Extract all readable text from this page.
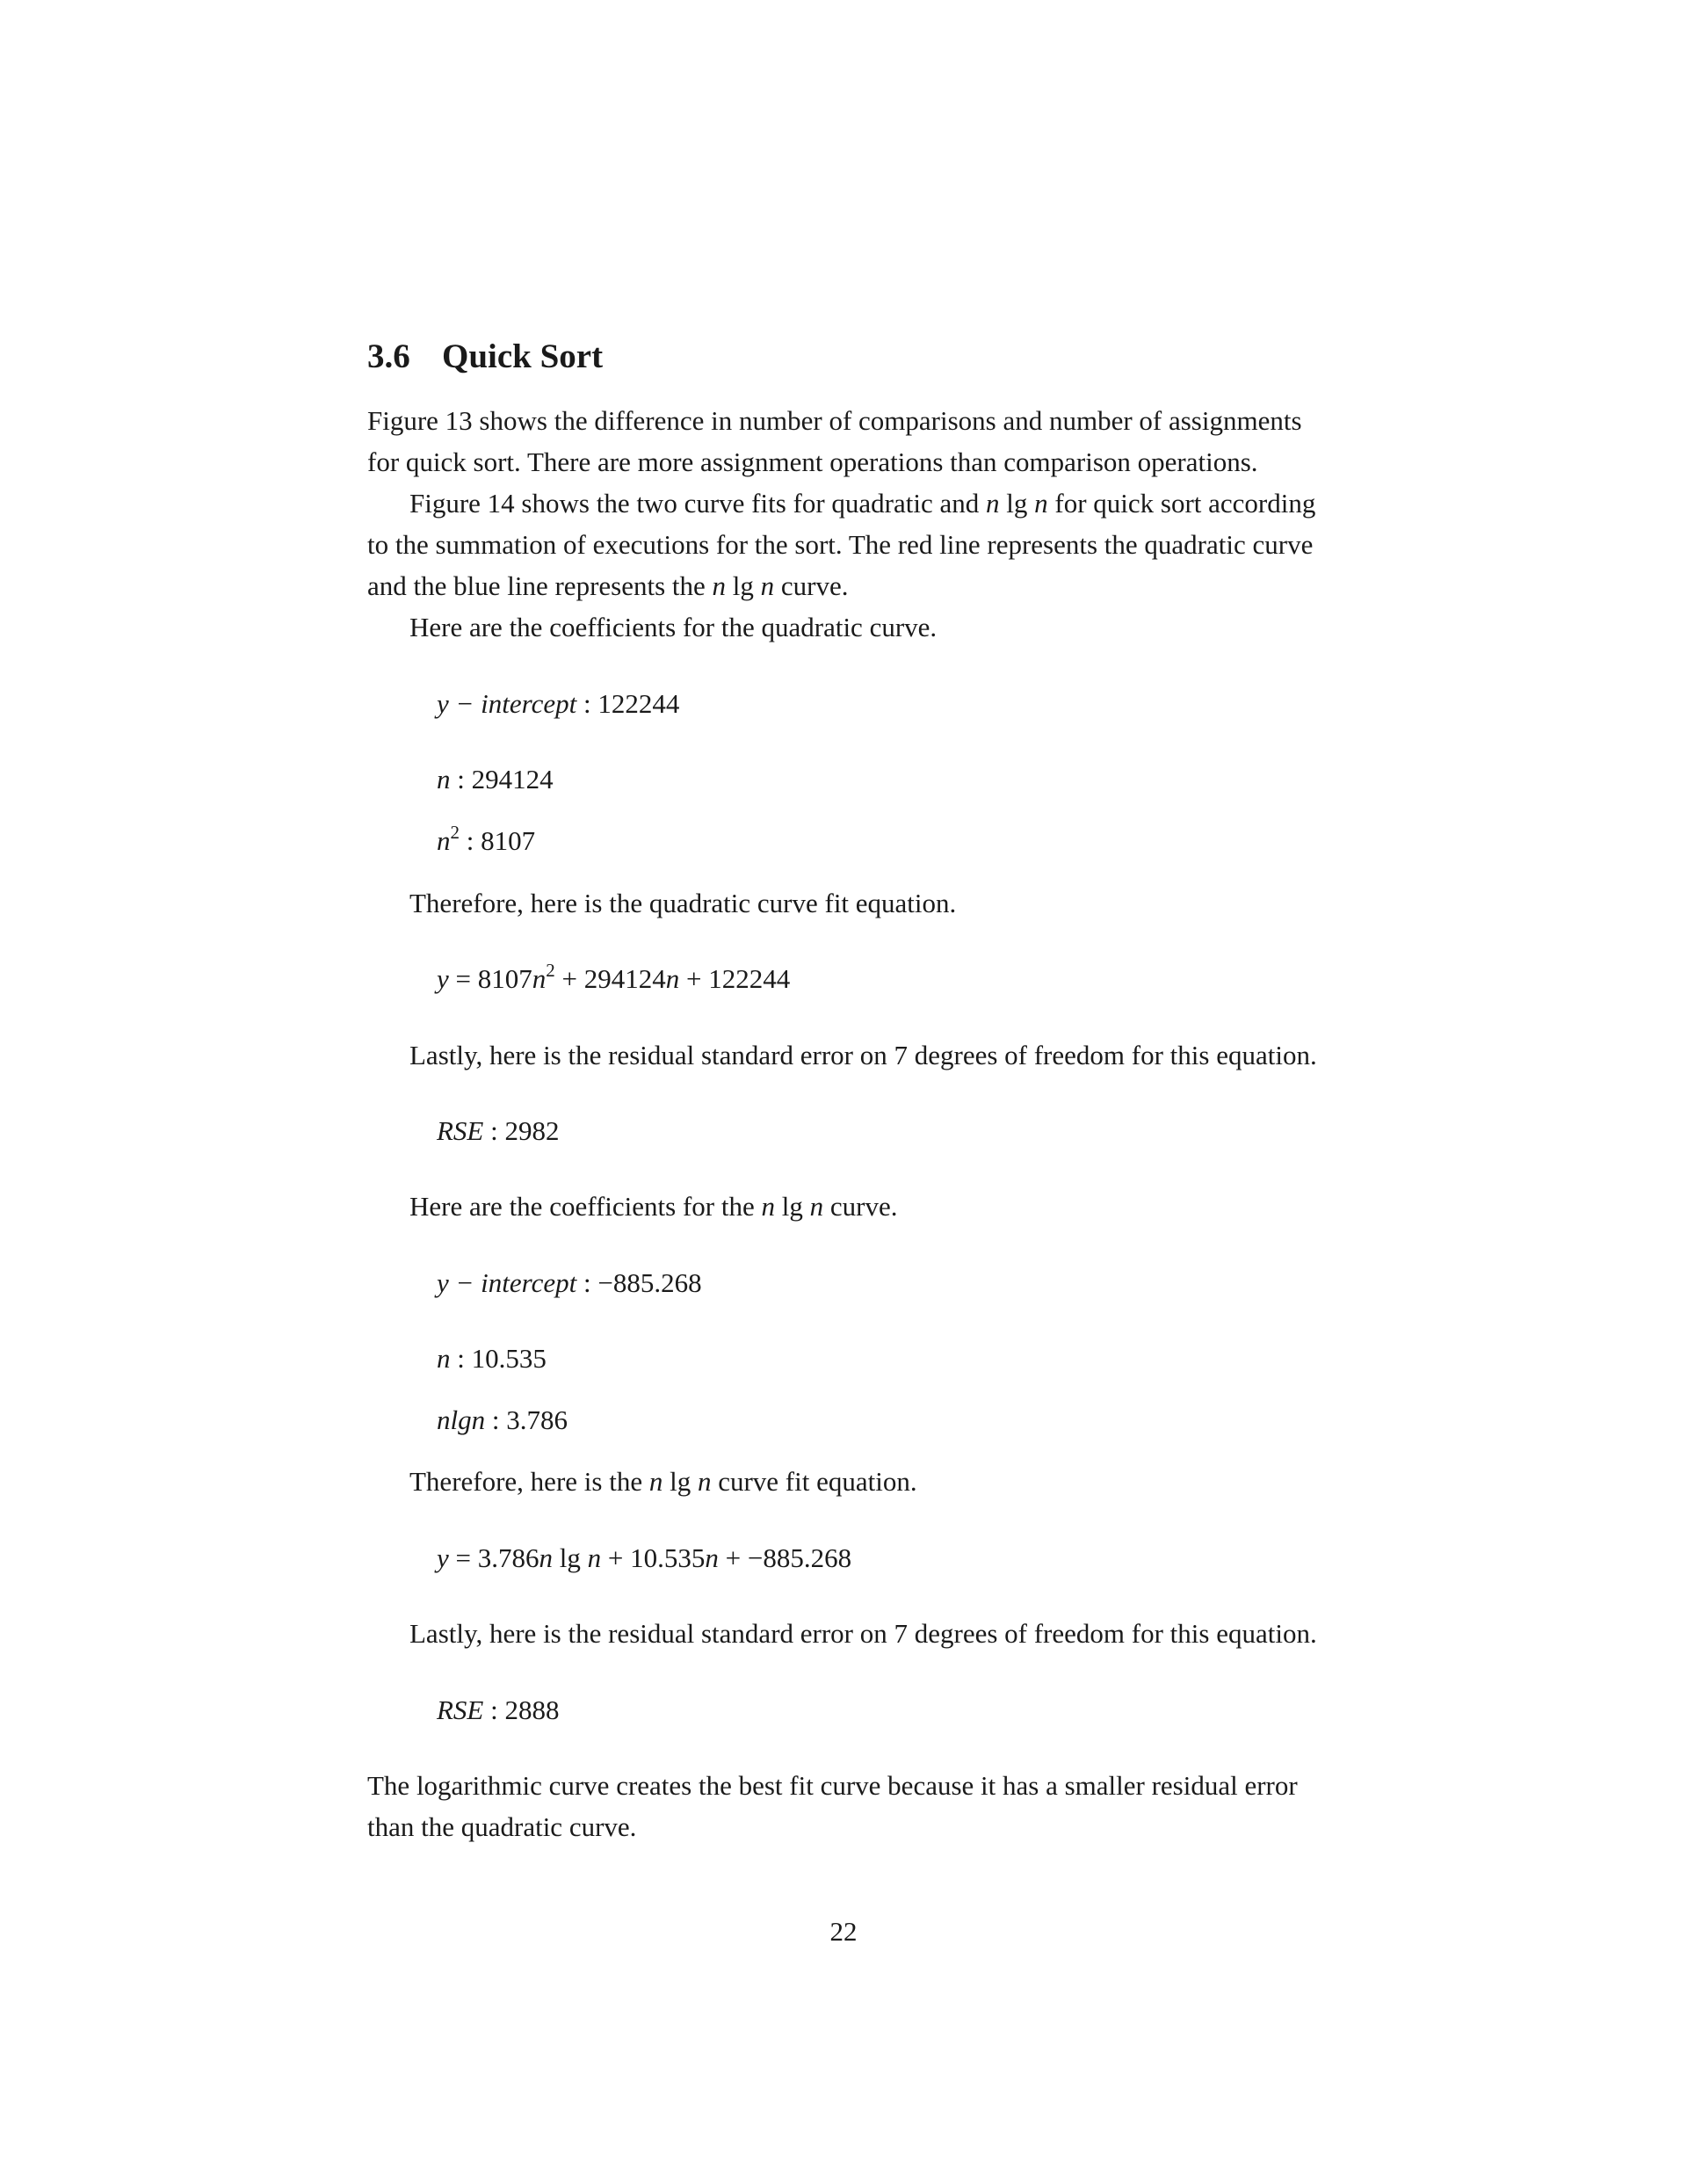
3.6 Quick Sort
Figure 13 shows the difference in number of comparisons and number of assignments
for quick sort. There are more assignment operations than comparison operations.
Figure 14 shows the two curve fits for quadratic and n lg n for quick sort according
to the summation of executions for the sort. The red line represents the quadratic curve
and the blue line represents the n lg n curve.
Here are the coefficients for the quadratic curve.
y − intercept : 122244
n : 294124
$n^2$ : 8107
Therefore, here is the quadratic curve fit equation.
$y = 8107n^2 + 294124n + 122244$
Lastly, here is the residual standard error on 7 degrees of freedom for this equation.
RSE : 2982
Here are the coefficients for the n lg n curve.
y − intercept : −885.268
n : 10.535
nlgn : 3.786
Therefore, here is the n lg n curve fit equation.
y = 3.786n lg n + 10.535n + −885.268
Lastly, here is the residual standard error on 7 degrees of freedom for this equation.
RSE : 2888
The logarithmic curve creates the best fit curve because it has a smaller residual error
than the quadratic curve.
22
